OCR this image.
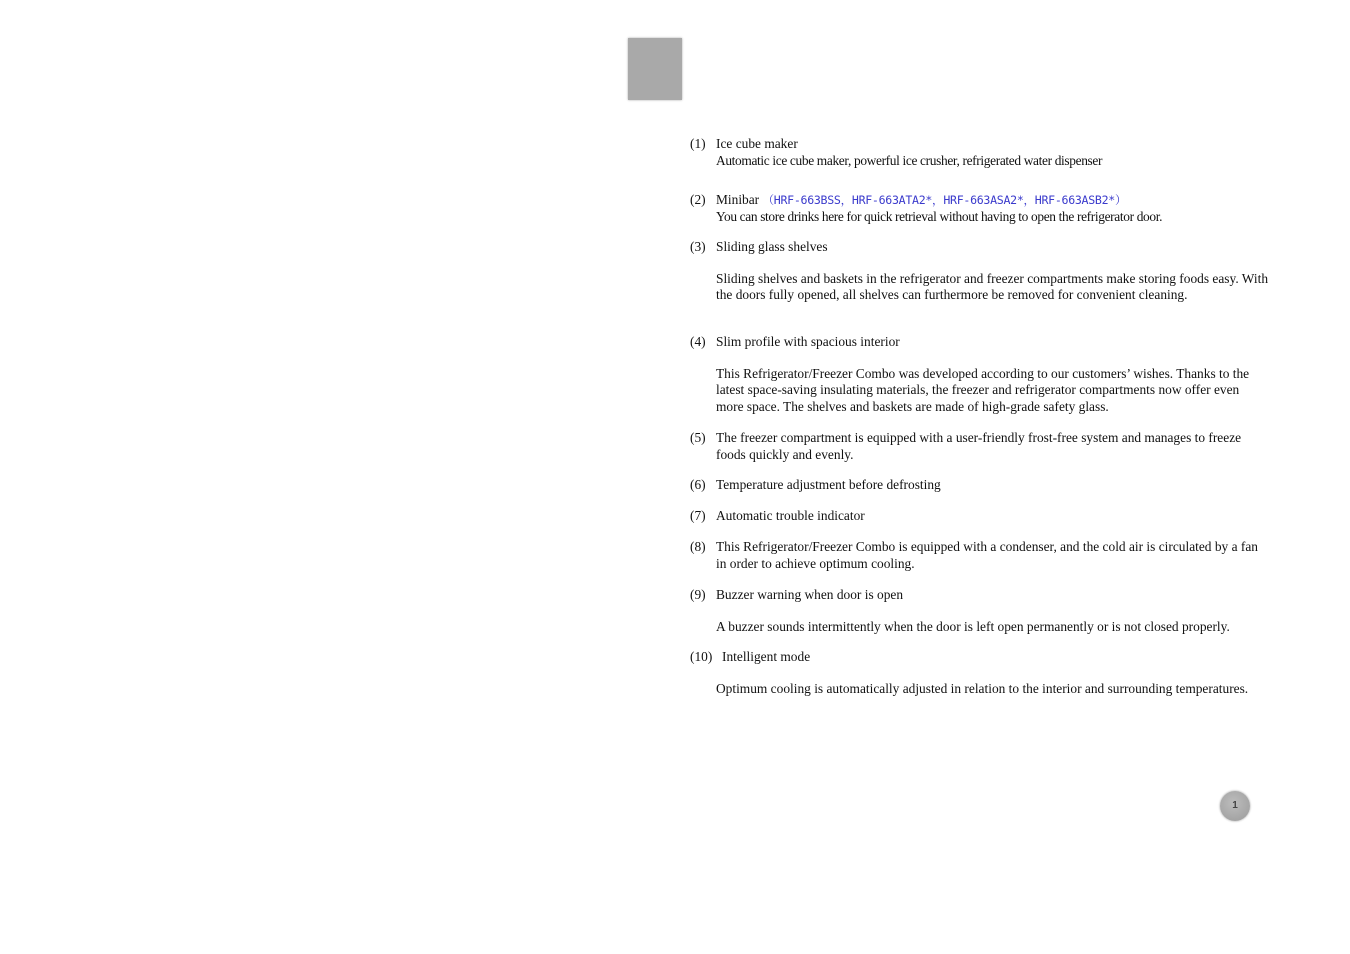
(1) Ice cube maker
Automatic ice cube maker, powerful ice crusher, refrigerated water dispenser
(2) Minibar （HRF-663BSS，HRF-663ATA2*，HRF-663ASA2*，HRF-663ASB2*）
You can store drinks here for quick retrieval without having to open the refrigerator door.
(3) Sliding glass shelves
Sliding shelves and baskets in the refrigerator and freezer compartments make storing foods easy. With the doors fully opened, all shelves can furthermore be removed for convenient cleaning.
(4) Slim profile with spacious interior
This Refrigerator/Freezer Combo was developed according to our customers’ wishes. Thanks to the latest space-saving insulating materials, the freezer and refrigerator compartments now offer even more space. The shelves and baskets are made of high-grade safety glass.
(5) The freezer compartment is equipped with a user-friendly frost-free system and manages to freeze foods quickly and evenly.
(6) Temperature adjustment before defrosting
(7) Automatic trouble indicator
(8) This Refrigerator/Freezer Combo is equipped with a condenser, and the cold air is circulated by a fan in order to achieve optimum cooling.
(9) Buzzer warning when door is open
A buzzer sounds intermittently when the door is left open permanently or is not closed properly.
(10) Intelligent mode
Optimum cooling is automatically adjusted in relation to the interior and surrounding temperatures.
1
